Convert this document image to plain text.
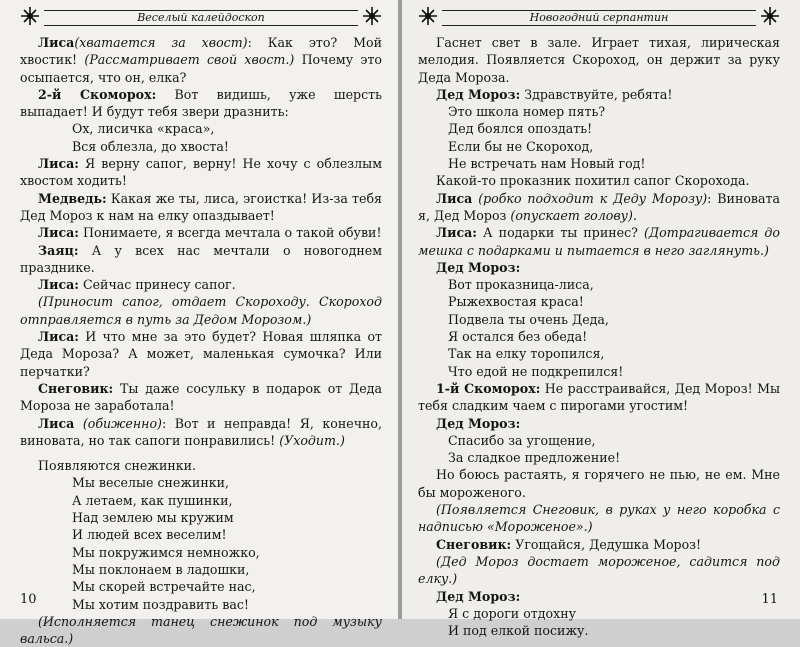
Веселый калейдоскоп

Лиса(хватается за хвост): Как это? Мой хвостик! (Рассматривает свой хвост.) Почему это осыпается, что он, елка?

2-й Скоморох: Вот видишь, уже шерсть выпадает! И будут тебя звери дразнить:

Ох, лисичка «краса»,

Вся облезла, до хвоста!

Лиса: Я верну сапог, верну! Не хочу с облезлым хвостом ходить!

Медведь: Какая же ты, лиса, эгоистка! Из-за тебя Дед Мороз к нам на елку опаздывает!

Лиса: Понимаете, я всегда мечтала о такой обуви!

Заяц: А у всех нас мечтали о новогоднем празднике.

Лиса: Сейчас принесу сапог.

(Приносит сапог, отдает Скороходу. Скороход отправляется в путь за Дедом Морозом.)

Лиса: И что мне за это будет? Новая шляпка от Деда Мороза? А может, маленькая сумочка? Или перчатки?

Снеговик: Ты даже сосульку в подарок от Деда Мороза не заработала!

Лиса (обиженно): Вот и неправда! Я, конечно, виновата, но так сапоги понравились! (Уходит.)

Появляются снежинки.

Мы веселые снежинки,

А летаем, как пушинки,

Над землею мы кружим

И людей всех веселим!

Мы покружимся немножко,

Мы поклонаем в ладошки,

Мы скорей встречайте нас,

Мы хотим поздравить вас!

(Исполняется танец снежинок под музыку вальса.)

10
Новогодний серпантин

Гаснет свет в зале. Играет тихая, лирическая мелодия. Появляется Скороход, он держит за руку Деда Мороза.

Дед Мороз: Здравствуйте, ребята!

Это школа номер пять?

Дед боялся опоздать!

Если бы не Скороход,

Не встречать нам Новый год!

Какой-то проказник похитил сапог Скорохода.

Лиса (робко подходит к Деду Морозу): Виновата я, Дед Мороз (опускает голову).

Лиса: А подарки ты принес? (Дотрагивается до мешка с подарками и пытается в него заглянуть.)

Дед Мороз:

Вот проказница-лиса,

Рыжехвостая краса!

Подвела ты очень Деда,

Я остался без обеда!

Так на елку торопился,

Что едой не подкрепился!

1-й Скоморох: Не расстраивайся, Дед Мороз! Мы тебя сладким чаем с пирогами угостим!

Дед Мороз:

Спасибо за угощение,

За сладкое предложение!

Но боюсь растаять, я горячего не пью, не ем. Мне бы мороженого.

(Появляется Снеговик, в руках у него коробка с надписью «Мороженое».)

Снеговик: Угощайся, Дедушка Мороз!

(Дед Мороз достает мороженое, садится под елку.)

Дед Мороз:

Я с дороги отдохну

И под елкой посижу.

11
